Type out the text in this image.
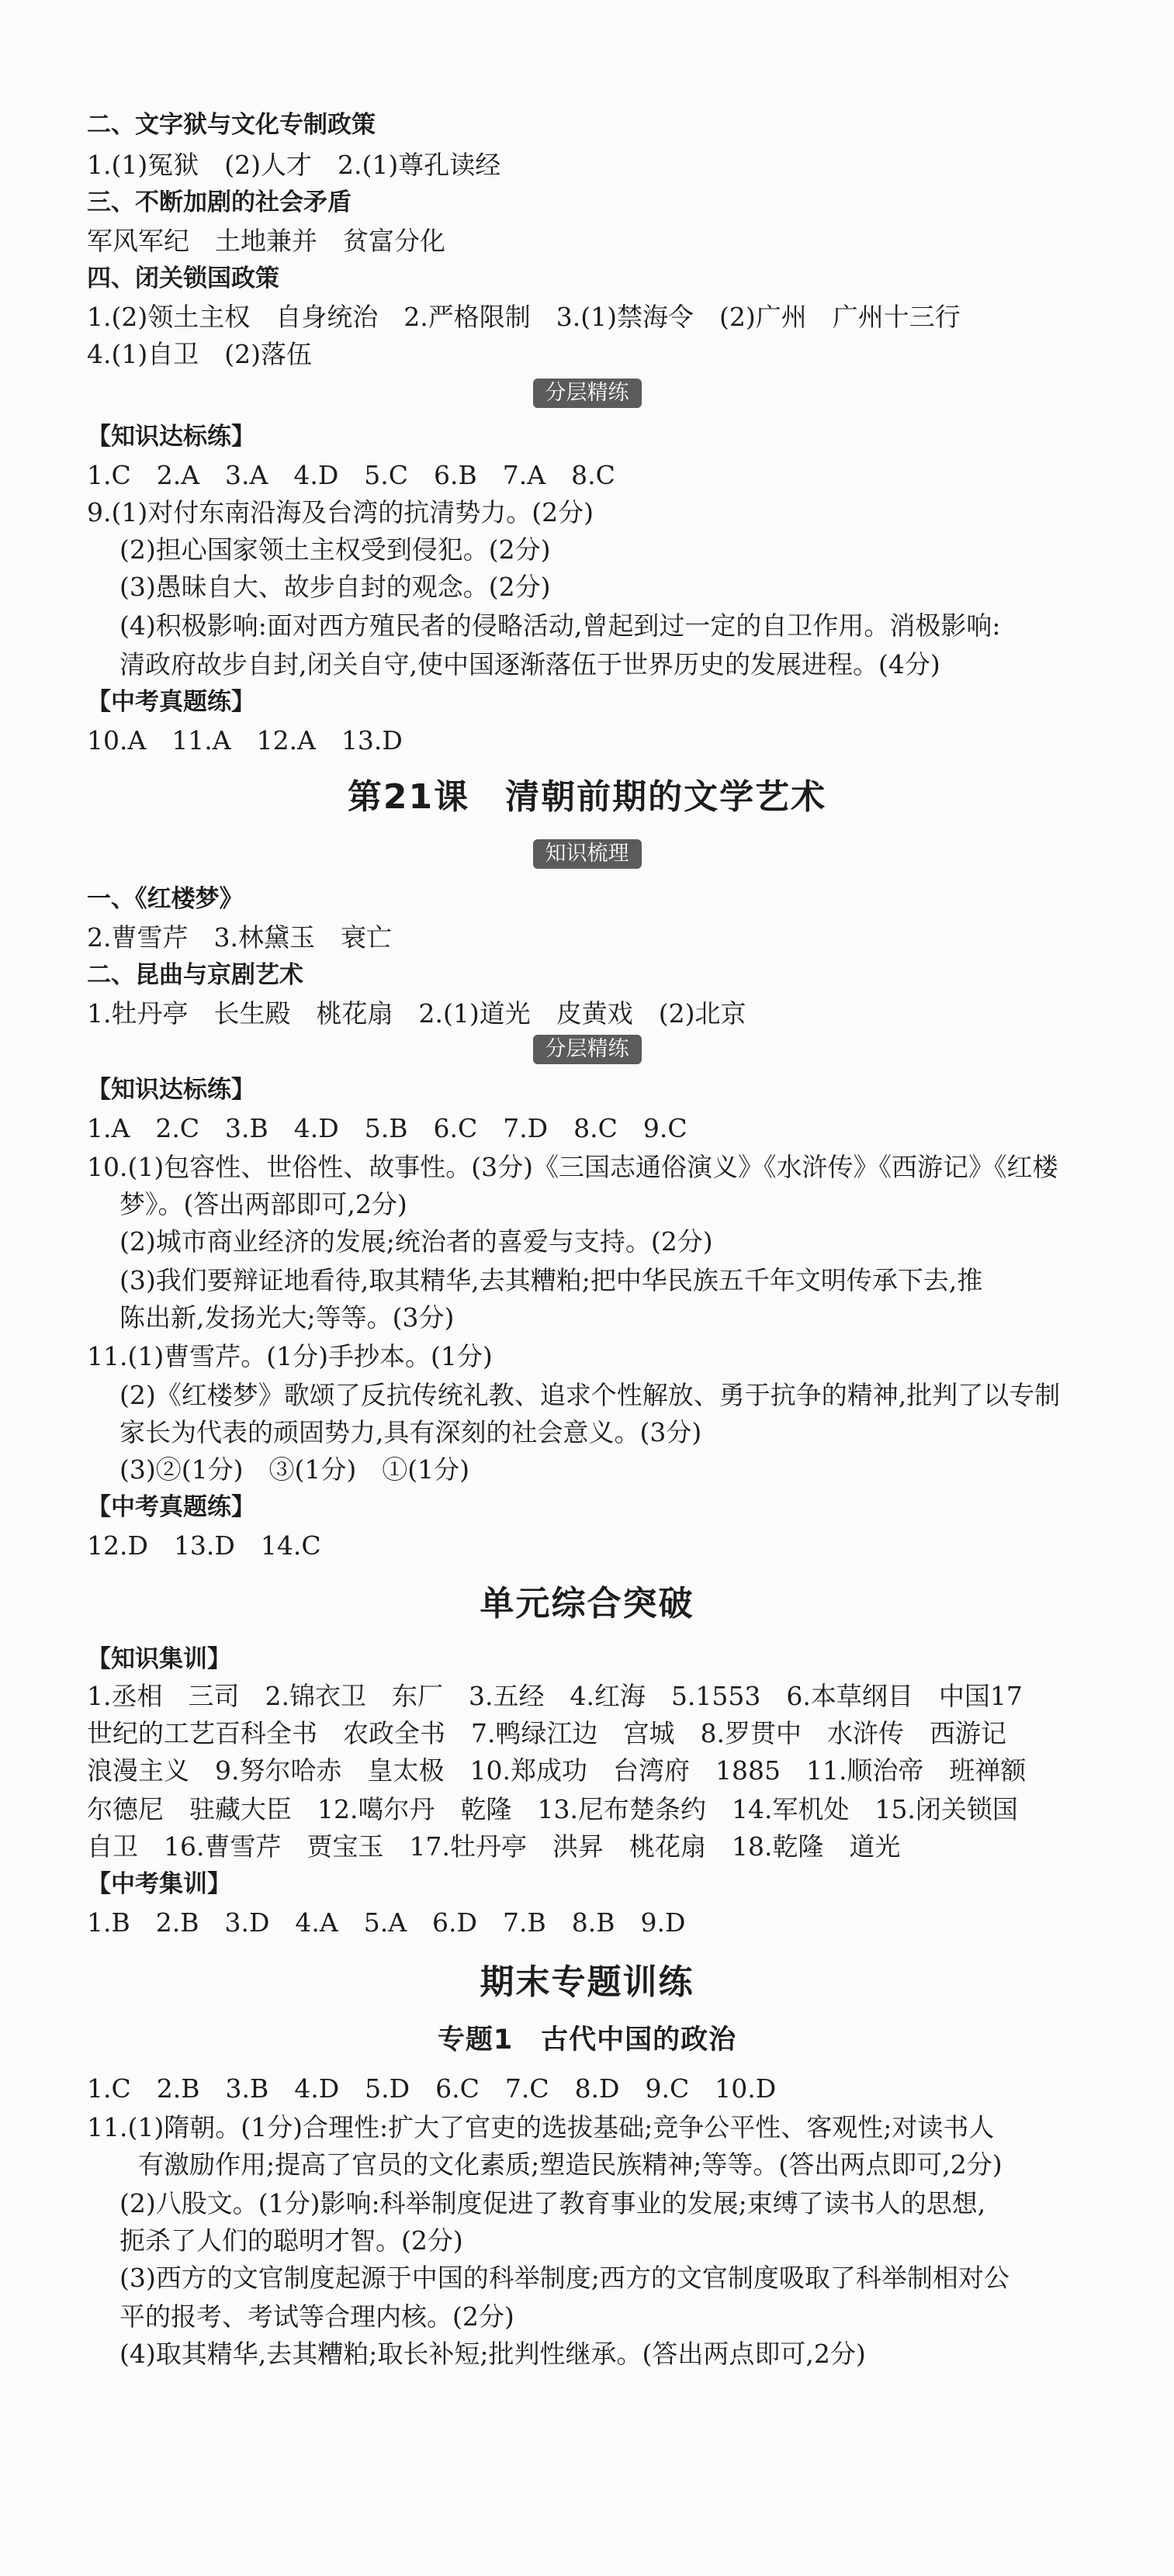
二、文字狱与文化专制政策
1.(1)冤狱　(2)人才　2.(1)尊孔读经
三、不断加剧的社会矛盾
军风军纪　土地兼并　贫富分化
四、闭关锁国政策
1.(2)领土主权　自身统治　2.严格限制　3.(1)禁海令　(2)广州　广州十三行
4.(1)自卫　(2)落伍
分层精练
【知识达标练】
1.C　2.A　3.A　4.D　5.C　6.B　7.A　8.C
9.(1)对付东南沿海及台湾的抗清势力。(2分)
(2)担心国家领土主权受到侵犯。(2分)
(3)愚昧自大、故步自封的观念。(2分)
(4)积极影响:面对西方殖民者的侵略活动,曾起到过一定的自卫作用。消极影响:
清政府故步自封,闭关自守,使中国逐渐落伍于世界历史的发展进程。(4分)
【中考真题练】
10.A　11.A　12.A　13.D
第21课　清朝前期的文学艺术
知识梳理
一、《红楼梦》
2.曹雪芹　3.林黛玉　衰亡
二、昆曲与京剧艺术
1.牡丹亭　长生殿　桃花扇　2.(1)道光　皮黄戏　(2)北京
分层精练
【知识达标练】
1.A　2.C　3.B　4.D　5.B　6.C　7.D　8.C　9.C
10.(1)包容性、世俗性、故事性。(3分)《三国志通俗演义》《水浒传》《西游记》《红楼
梦》。(答出两部即可,2分)
(2)城市商业经济的发展;统治者的喜爱与支持。(2分)
(3)我们要辩证地看待,取其精华,去其糟粕;把中华民族五千年文明传承下去,推
陈出新,发扬光大;等等。(3分)
11.(1)曹雪芹。(1分)手抄本。(1分)
(2)《红楼梦》歌颂了反抗传统礼教、追求个性解放、勇于抗争的精神,批判了以专制
家长为代表的顽固势力,具有深刻的社会意义。(3分)
(3)②(1分)　③(1分)　①(1分)
【中考真题练】
12.D　13.D　14.C
单元综合突破
【知识集训】
1.丞相　三司　2.锦衣卫　东厂　3.五经　4.红海　5.1553　6.本草纲目　中国17
世纪的工艺百科全书　农政全书　7.鸭绿江边　宫城　8.罗贯中　水浒传　西游记
浪漫主义　9.努尔哈赤　皇太极　10.郑成功　台湾府　1885　11.顺治帝　班禅额
尔德尼　驻藏大臣　12.噶尔丹　乾隆　13.尼布楚条约　14.军机处　15.闭关锁国
自卫　16.曹雪芹　贾宝玉　17.牡丹亭　洪昇　桃花扇　18.乾隆　道光
【中考集训】
1.B　2.B　3.D　4.A　5.A　6.D　7.B　8.B　9.D
期末专题训练
专题1　古代中国的政治
1.C　2.B　3.B　4.D　5.D　6.C　7.C　8.D　9.C　10.D
11.(1)隋朝。(1分)合理性:扩大了官吏的选拔基础;竞争公平性、客观性;对读书人
有激励作用;提高了官员的文化素质;塑造民族精神;等等。(答出两点即可,2分)
(2)八股文。(1分)影响:科举制度促进了教育事业的发展;束缚了读书人的思想,
扼杀了人们的聪明才智。(2分)
(3)西方的文官制度起源于中国的科举制度;西方的文官制度吸取了科举制相对公
平的报考、考试等合理内核。(2分)
(4)取其精华,去其糟粕;取长补短;批判性继承。(答出两点即可,2分)
